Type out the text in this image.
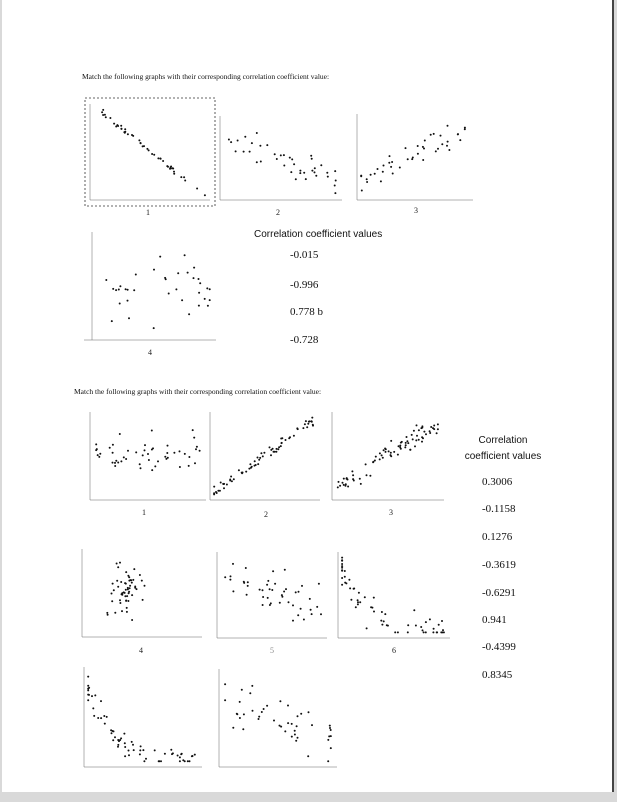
Match the following graphs with their corresponding correlation coefficient value:
1	2	3
4
Correlation coefficient values
-0.015
-0.996
0.778 b
-0.728
Match the following graphs with their corresponding correlation coefficient value:
1	2	3
4	5	6
Correlation
coefficient values
0.3006
-0.1158
0.1276
-0.3619
-0.6291
0.941
-0.4399
0.8345
